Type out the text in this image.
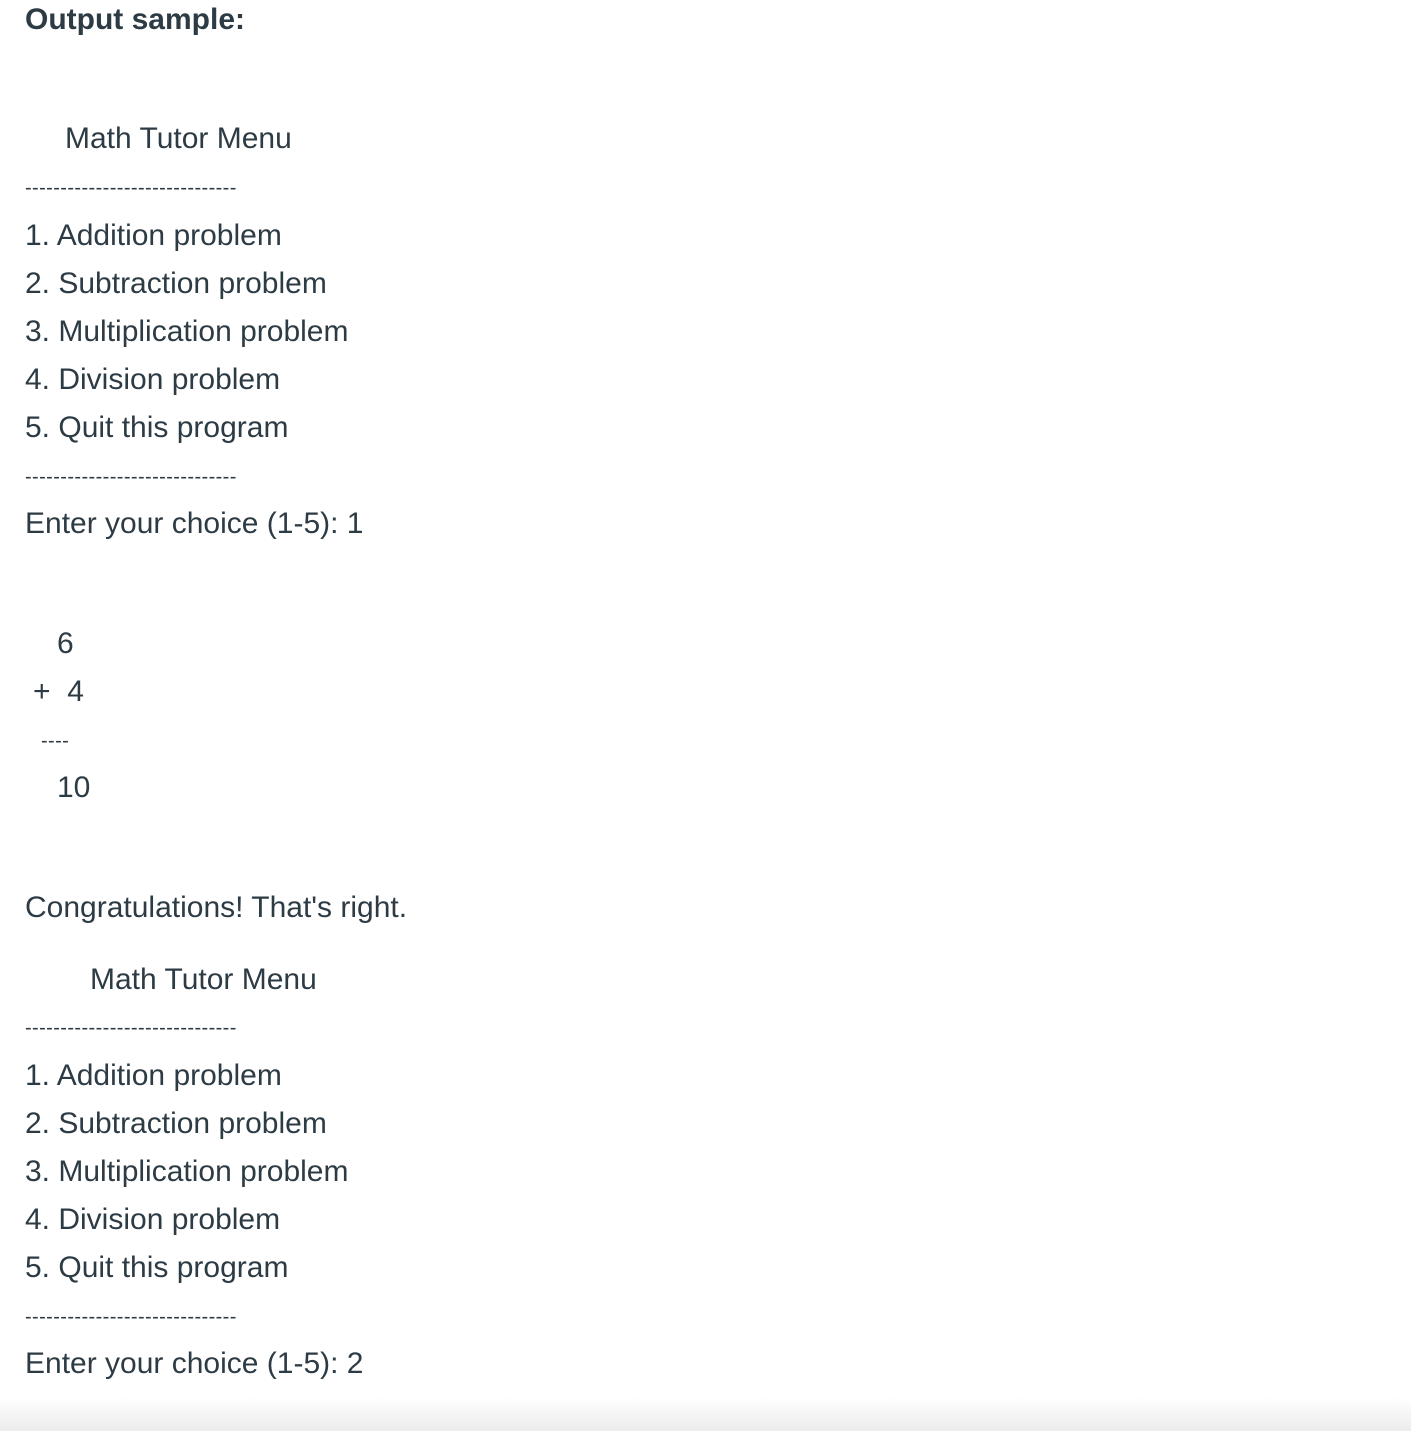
Output sample:
Math Tutor Menu
------------------------------
1. Addition problem
2. Subtraction problem
3. Multiplication problem
4. Division problem
5. Quit this program
------------------------------
Enter your choice (1-5): 1
6
+  4
----
10
Congratulations! That's right.
Math Tutor Menu
------------------------------
1. Addition problem
2. Subtraction problem
3. Multiplication problem
4. Division problem
5. Quit this program
------------------------------
Enter your choice (1-5): 2
